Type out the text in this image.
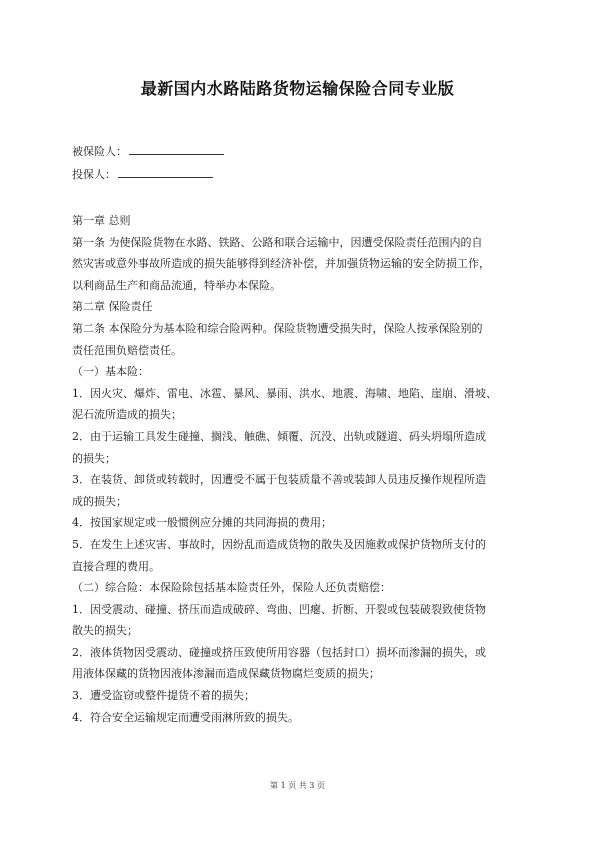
最新国内水路陆路货物运输保险合同专业版
被保险人：
投保人：
第一章 总则
第一条 为使保险货物在水路、铁路、公路和联合运输中，因遭受保险责任范围内的自
然灾害或意外事故所造成的损失能够得到经济补偿，并加强货物运输的安全防损工作，
以利商品生产和商品流通，特举办本保险。
第二章 保险责任
第二条 本保险分为基本险和综合险两种。保险货物遭受损失时，保险人按承保险别的
责任范围负赔偿责任。
（一）基本险：
1．因火灾、爆炸、雷电、冰雹、暴风、暴雨、洪水、地震、海啸、地陷、崖崩、滑坡、
泥石流所造成的损失；
2．由于运输工具发生碰撞、搁浅、触礁、倾覆、沉没、出轨或隧道、码头坍塌所造成
的损失；
3．在装货、卸货或转载时，因遭受不属于包装质量不善或装卸人员违反操作规程所造
成的损失；
4．按国家规定或一般惯例应分摊的共同海损的费用；
5．在发生上述灾害、事故时，因纷乱而造成货物的散失及因施救或保护货物所支付的
直接合理的费用。
（二）综合险：本保险除包括基本险责任外，保险人还负责赔偿：
1．因受震动、碰撞、挤压而造成破碎、弯曲、凹瘪、折断、开裂或包装破裂致使货物
散失的损失；
2．液体货物因受震动、碰撞或挤压致使所用容器（包括封口）损坏而渗漏的损失，或
用液体保藏的货物因液体渗漏而造成保藏货物腐烂变质的损失；
3．遭受盗窃或整件提货不着的损失；
4．符合安全运输规定而遭受雨淋所致的损失。
第 1 页 共 3 页
